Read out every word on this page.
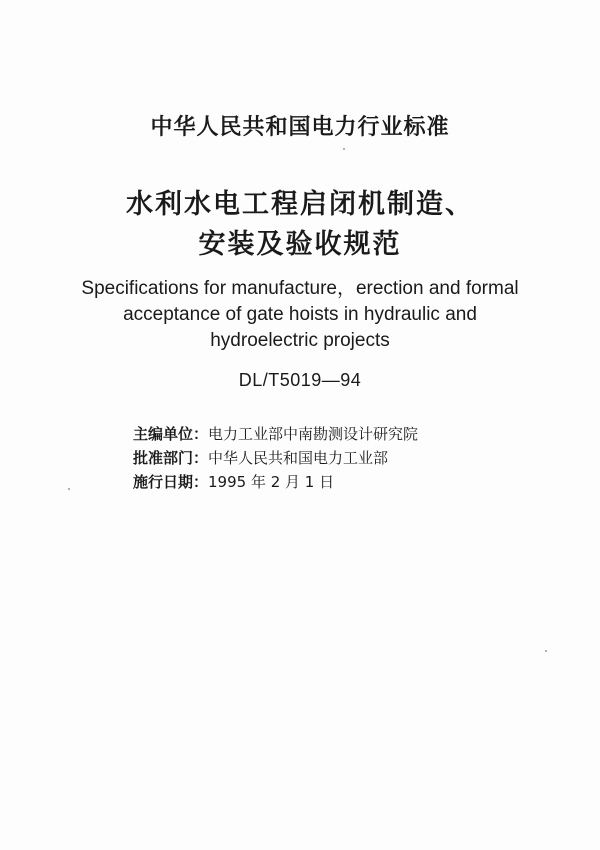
中华人民共和国电力行业标准
水利水电工程启闭机制造、
安装及验收规范
Specifications for manufacture，erection and formal
acceptance of gate hoists in hydraulic and
hydroelectric projects
DL/T5019—94
主编单位：电力工业部中南勘测设计研究院
批准部门：中华人民共和国电力工业部
施行日期：1995 年 2 月 1 日
